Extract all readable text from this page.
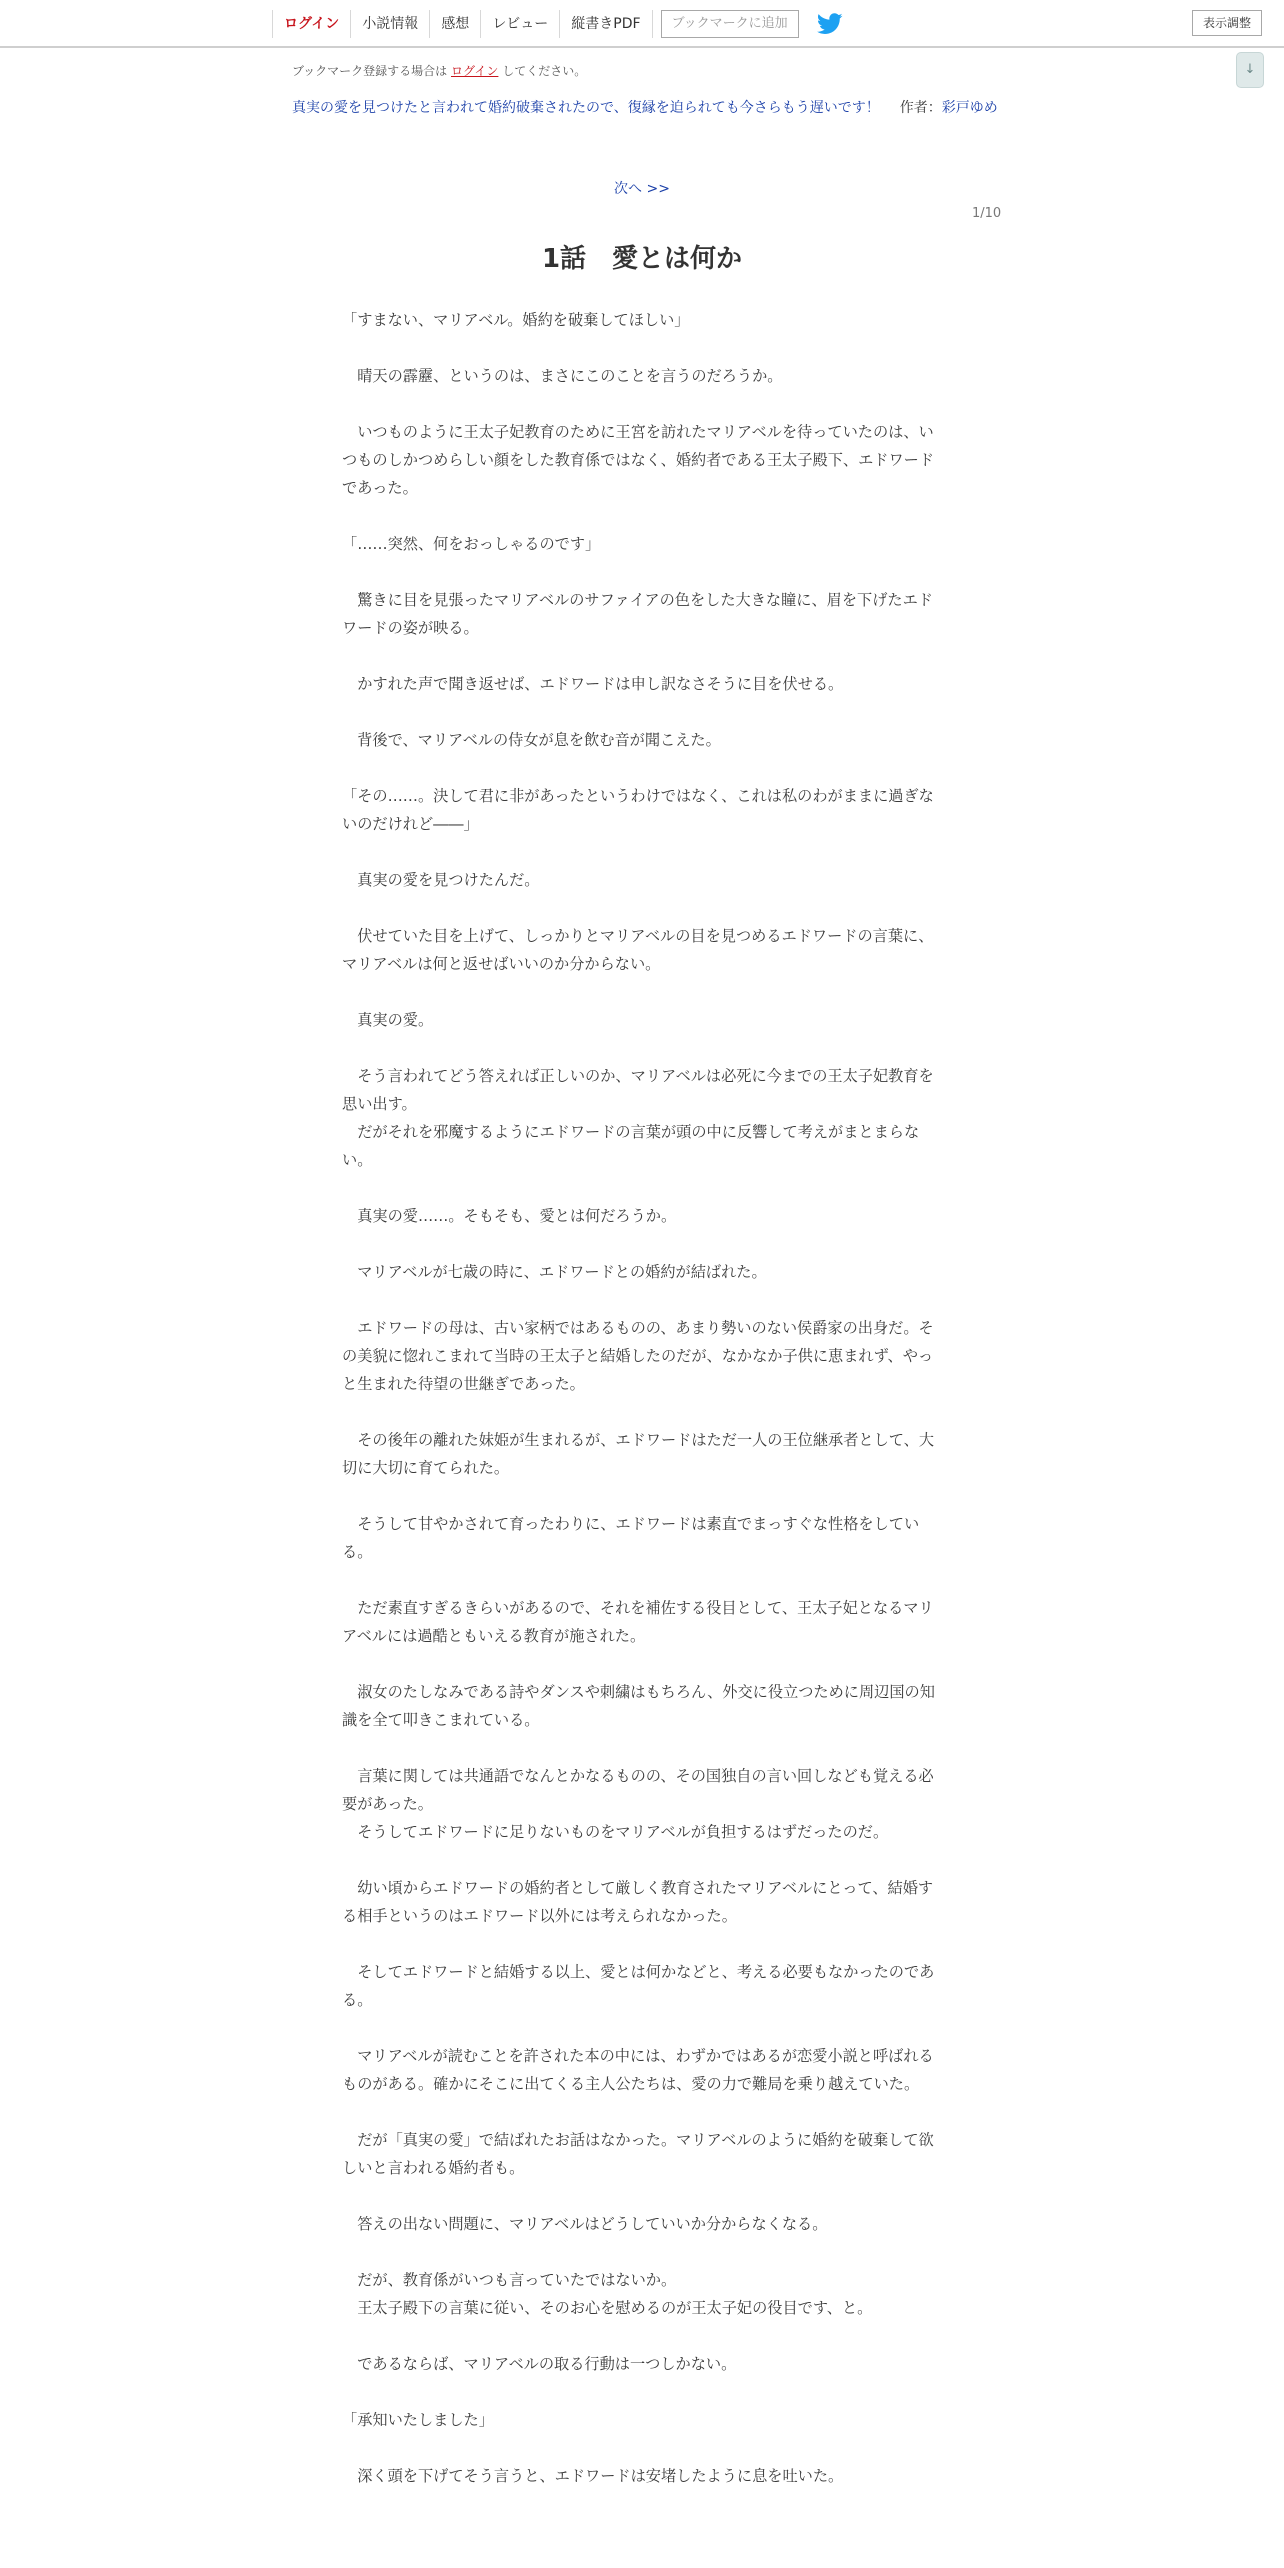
ログイン	小説情報	感想	レビュー	縦書きPDF	ブックマークに追加	表示調整
↓
ブックマーク登録する場合は ログイン してください。
真実の愛を見つけたと言われて婚約破棄されたので、復縁を迫られても今さらもう遅いです！ 作者：彩戸ゆめ
次へ >>
1/10
1話　愛とは何か

「すまない、マリアベル。婚約を破棄してほしい」

　晴天の霹靂、というのは、まさにこのことを言うのだろうか。

　いつものように王太子妃教育のために王宮を訪れたマリアベルを待っていたのは、いつものしかつめらしい顔をした教育係ではなく、婚約者である王太子殿下、エドワードであった。

「……突然、何をおっしゃるのです」

　驚きに目を見張ったマリアベルのサファイアの色をした大きな瞳に、眉を下げたエドワードの姿が映る。

　かすれた声で聞き返せば、エドワードは申し訳なさそうに目を伏せる。

　背後で、マリアベルの侍女が息を飲む音が聞こえた。

「その……。決して君に非があったというわけではなく、これは私のわがままに過ぎないのだけれど――」

　真実の愛を見つけたんだ。

　伏せていた目を上げて、しっかりとマリアベルの目を見つめるエドワードの言葉に、マリアベルは何と返せばいいのか分からない。

　真実の愛。

　そう言われてどう答えれば正しいのか、マリアベルは必死に今までの王太子妃教育を思い出す。

　だがそれを邪魔するようにエドワードの言葉が頭の中に反響して考えがまとまらない。

　真実の愛……。そもそも、愛とは何だろうか。

　マリアベルが七歳の時に、エドワードとの婚約が結ばれた。

　エドワードの母は、古い家柄ではあるものの、あまり勢いのない侯爵家の出身だ。その美貌に惚れこまれて当時の王太子と結婚したのだが、なかなか子供に恵まれず、やっと生まれた待望の世継ぎであった。

　その後年の離れた妹姫が生まれるが、エドワードはただ一人の王位継承者として、大切に大切に育てられた。

　そうして甘やかされて育ったわりに、エドワードは素直でまっすぐな性格をしている。

　ただ素直すぎるきらいがあるので、それを補佐する役目として、王太子妃となるマリアベルには過酷ともいえる教育が施された。

　淑女のたしなみである詩やダンスや刺繍はもちろん、外交に役立つために周辺国の知識を全て叩きこまれている。

　言葉に関しては共通語でなんとかなるものの、その国独自の言い回しなども覚える必要があった。

　そうしてエドワードに足りないものをマリアベルが負担するはずだったのだ。

　幼い頃からエドワードの婚約者として厳しく教育されたマリアベルにとって、結婚する相手というのはエドワード以外には考えられなかった。

　そしてエドワードと結婚する以上、愛とは何かなどと、考える必要もなかったのである。

　マリアベルが読むことを許された本の中には、わずかではあるが恋愛小説と呼ばれるものがある。確かにそこに出てくる主人公たちは、愛の力で難局を乗り越えていた。

　だが「真実の愛」で結ばれたお話はなかった。マリアベルのように婚約を破棄して欲しいと言われる婚約者も。

　答えの出ない問題に、マリアベルはどうしていいか分からなくなる。

　だが、教育係がいつも言っていたではないか。

　王太子殿下の言葉に従い、そのお心を慰めるのが王太子妃の役目です、と。

　であるならば、マリアベルの取る行動は一つしかない。

「承知いたしました」

　深く頭を下げてそう言うと、エドワードは安堵したように息を吐いた。
